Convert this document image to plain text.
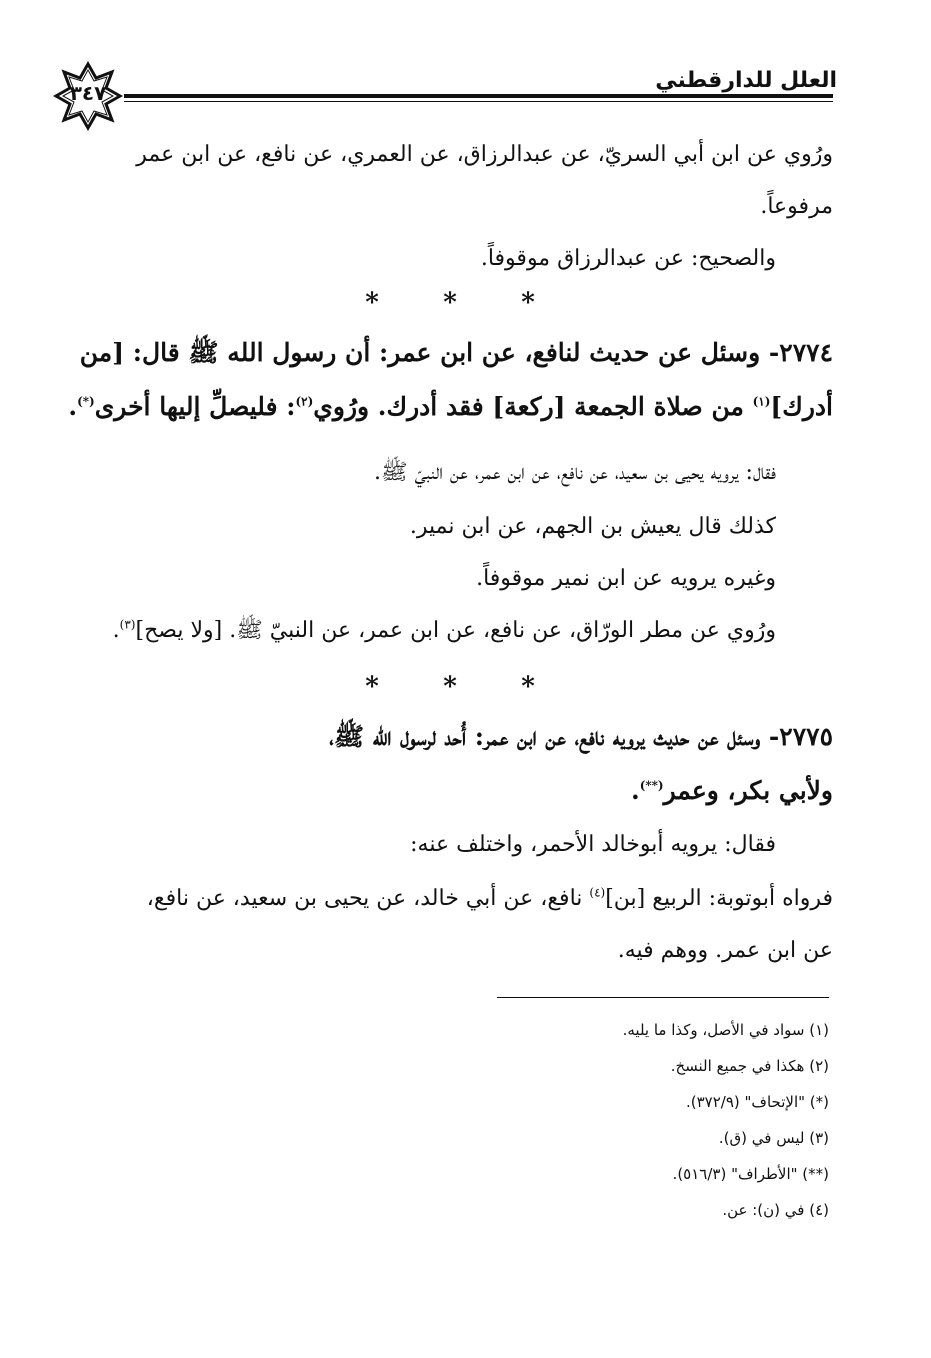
العلل للدارقطني
٣٤٧
ورُوي عن ابن أبي السريّ، عن عبدالرزاق، عن العمري، عن نافع، عن ابن عمر
مرفوعاً.
والصحيح: عن عبدالرزاق موقوفاً.
* * *
٢٧٧٤- وسئل عن حديث لنافع، عن ابن عمر: أن رسول الله ﷺ قال: [من
أدرك]$^{(١)}$ من صلاة الجمعة [ركعة] فقد أدرك. ورُوي$^{(٢)}$: فليصلِّ إليها أخرى(*).
فقال: يرويه يحيى بن سعيد، عن نافع، عن ابن عمر، عن النبيّ ﷺ.
كذلك قال يعيش بن الجهم، عن ابن نمير.
وغيره يرويه عن ابن نمير موقوفاً.
ورُوي عن مطر الورّاق، عن نافع، عن ابن عمر، عن النبيّ ﷺ. [ولا يصح]$^{(٣)}$.
* * *
٢٧٧٥- وسئل عن حديث يرويه نافع، عن ابن عمر: أُحد لرسول الله ﷺ،
ولأبي بكر، وعمر(**).
فقال: يرويه أبوخالد الأحمر، واختلف عنه:
فرواه أبوتوبة: الربيع [بن]$^{(٤)}$ نافع، عن أبي خالد، عن يحيى بن سعيد، عن نافع،
عن ابن عمر. ووهم فيه.
(١) سواد في الأصل، وكذا ما يليه.
(٢) هكذا في جميع النسخ.
(*) "الإتحاف" (٣٧٢/٩).
(٣) ليس في (ق).
(**) "الأطراف" (٥١٦/٣).
(٤) في (ن): عن.
